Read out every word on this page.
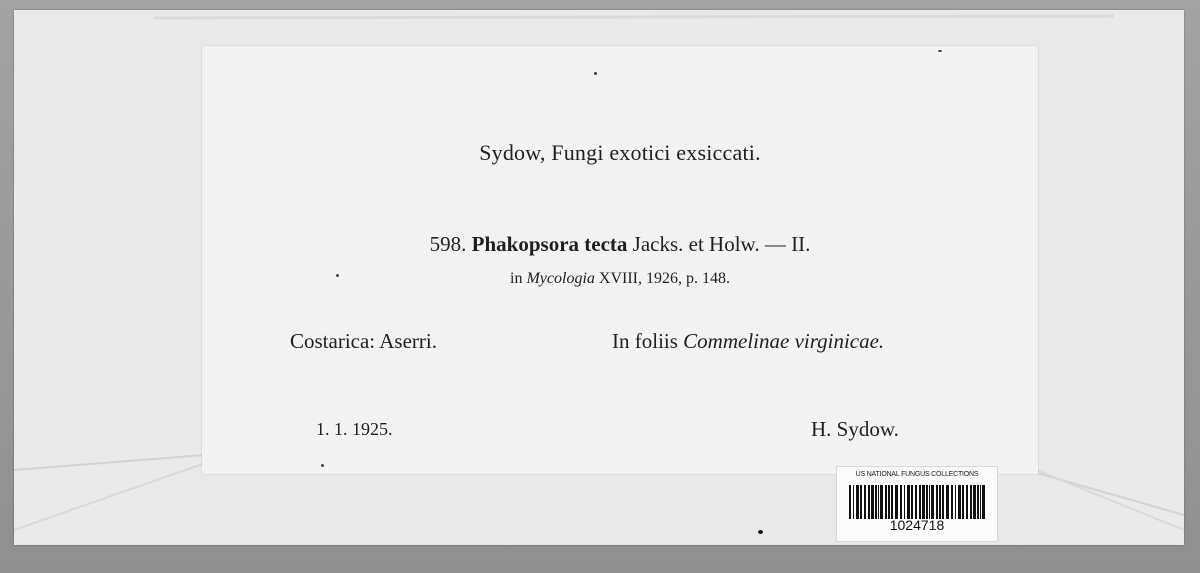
Sydow, Fungi exotici exsiccati.
598. Phakopsora tecta Jacks. et Holw. — II.
in Mycologia XVIII, 1926, p. 148.
Costarica: Aserri.	In foliis Commelinae virginicae.
1. 1. 1925.	H. Sydow.
US NATIONAL FUNGUS COLLECTIONS
1024718
